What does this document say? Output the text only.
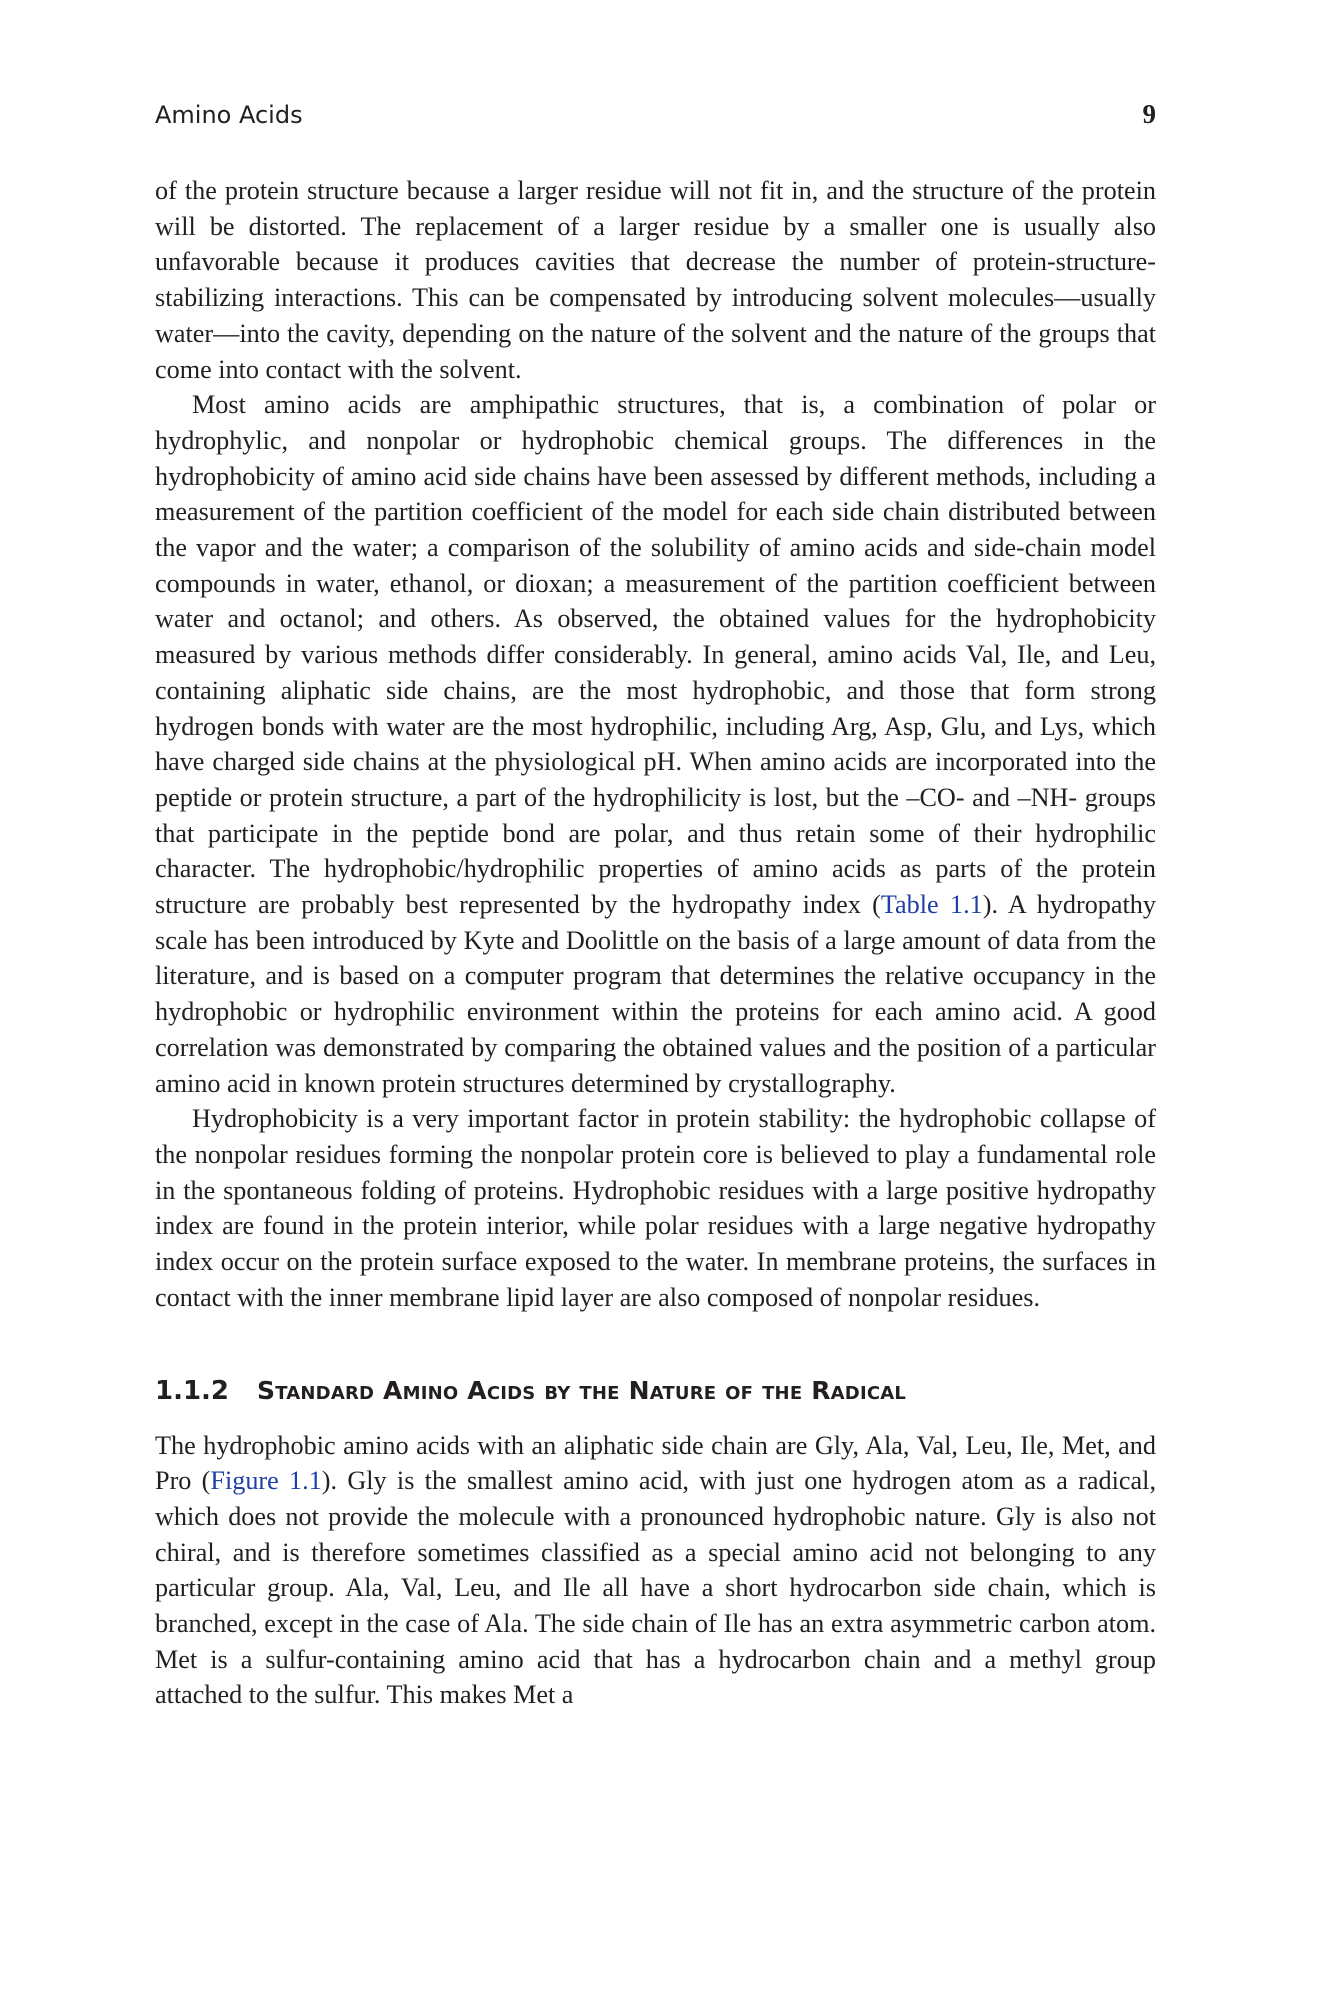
Amino Acids	9

of the protein structure because a larger residue will not fit in, and the structure of the protein will be distorted. The replacement of a larger residue by a smaller one is usually also unfavorable because it produces cavities that decrease the number of protein-structure-stabilizing interactions. This can be compensated by introducing solvent molecules—usually water—into the cavity, depending on the nature of the solvent and the nature of the groups that come into contact with the solvent.

Most amino acids are amphipathic structures, that is, a combination of polar or hydrophylic, and nonpolar or hydrophobic chemical groups. The differences in the hydrophobicity of amino acid side chains have been assessed by different methods, including a measurement of the partition coefficient of the model for each side chain distributed between the vapor and the water; a comparison of the solubility of amino acids and side-chain model compounds in water, ethanol, or dioxan; a measurement of the partition coefficient between water and octanol; and others. As observed, the obtained values for the hydrophobicity measured by various methods differ considerably. In general, amino acids Val, Ile, and Leu, containing aliphatic side chains, are the most hydrophobic, and those that form strong hydrogen bonds with water are the most hydrophilic, including Arg, Asp, Glu, and Lys, which have charged side chains at the physiological pH. When amino acids are incorporated into the peptide or protein structure, a part of the hydrophilicity is lost, but the –CO- and –NH- groups that participate in the peptide bond are polar, and thus retain some of their hydrophilic character. The hydrophobic/hydrophilic properties of amino acids as parts of the protein structure are probably best represented by the hydropathy index (Table 1.1). A hydropathy scale has been introduced by Kyte and Doolittle on the basis of a large amount of data from the literature, and is based on a computer program that determines the relative occupancy in the hydrophobic or hydrophilic environment within the proteins for each amino acid. A good correlation was demonstrated by comparing the obtained values and the position of a particular amino acid in known protein structures determined by crystallography.

Hydrophobicity is a very important factor in protein stability: the hydrophobic collapse of the nonpolar residues forming the nonpolar protein core is believed to play a fundamental role in the spontaneous folding of proteins. Hydrophobic residues with a large positive hydropathy index are found in the protein interior, while polar residues with a large negative hydropathy index occur on the protein surface exposed to the water. In membrane proteins, the surfaces in contact with the inner membrane lipid layer are also composed of nonpolar residues.

1.1.2 Standard Amino Acids by the Nature of the Radical

The hydrophobic amino acids with an aliphatic side chain are Gly, Ala, Val, Leu, Ile, Met, and Pro (Figure 1.1). Gly is the smallest amino acid, with just one hydrogen atom as a radical, which does not provide the molecule with a pronounced hydrophobic nature. Gly is also not chiral, and is therefore sometimes classified as a special amino acid not belonging to any particular group. Ala, Val, Leu, and Ile all have a short hydrocarbon side chain, which is branched, except in the case of Ala. The side chain of Ile has an extra asymmetric carbon atom. Met is a sulfur-containing amino acid that has a hydrocarbon chain and a methyl group attached to the sulfur. This makes Met a
